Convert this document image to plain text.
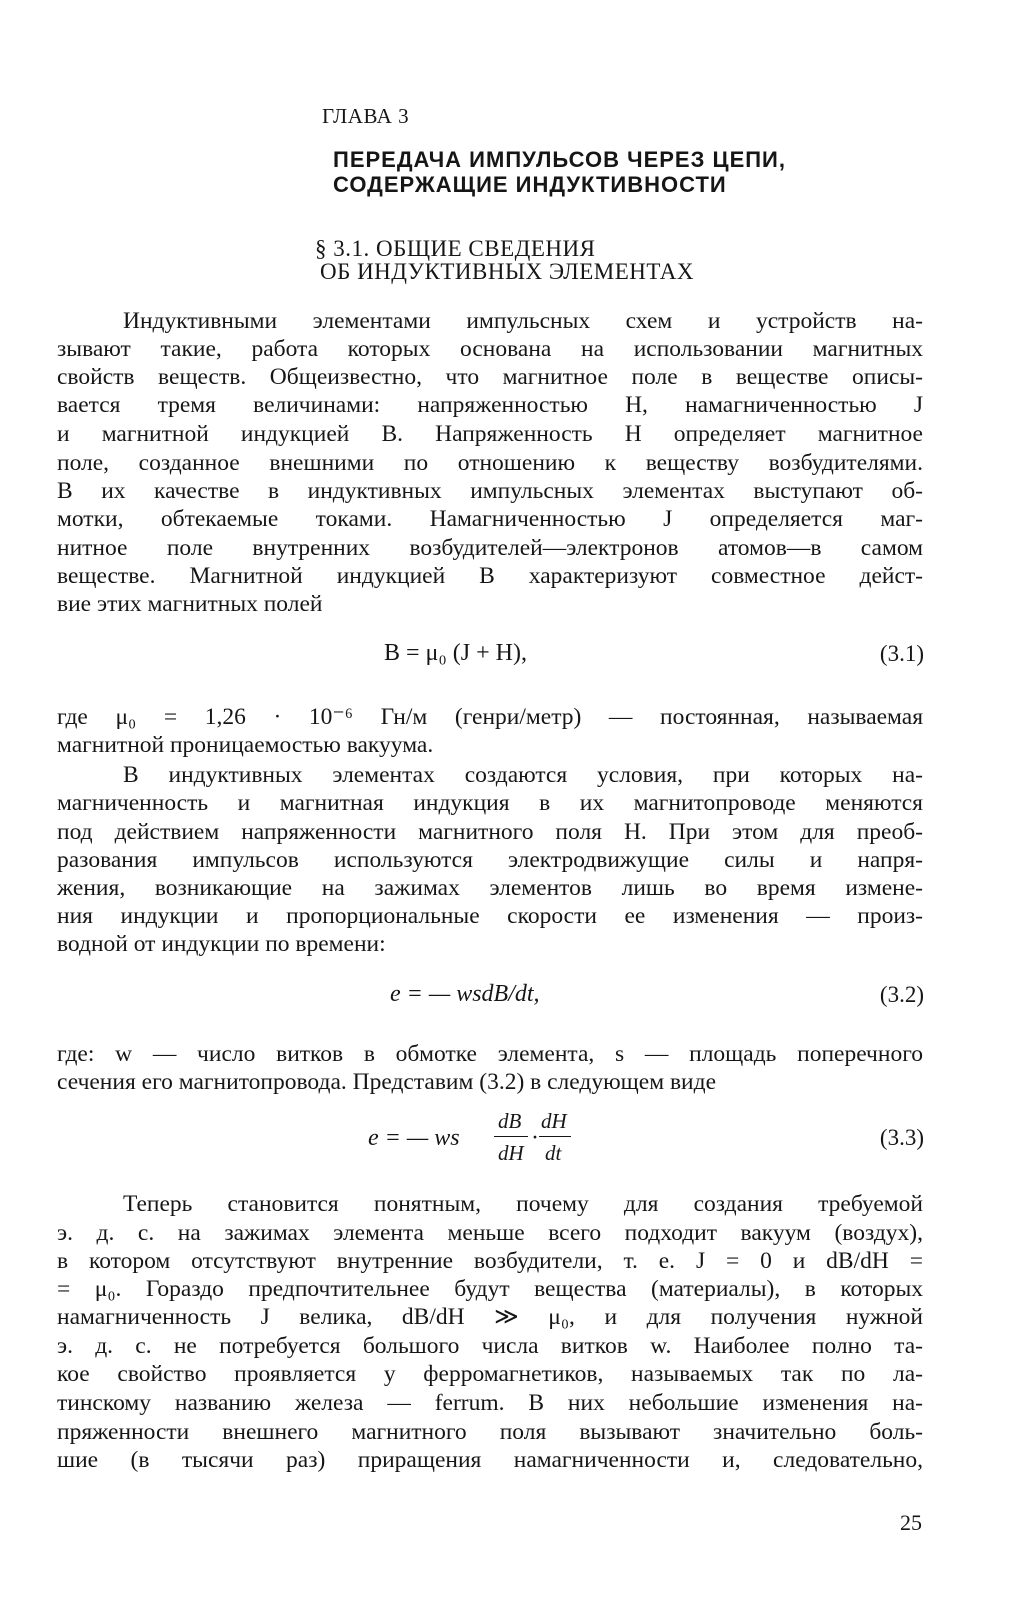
ГЛАВА 3
ПЕРЕДАЧА ИМПУЛЬСОВ ЧЕРЕЗ ЦЕПИ,
СОДЕРЖАЩИЕ ИНДУКТИВНОСТИ
§ 3.1. ОБЩИЕ СВЕДЕНИЯ
ОБ ИНДУКТИВНЫХ ЭЛЕМЕНТАХ
Индуктивными элементами импульсных схем и устройств на-
зывают такие, работа которых основана на использовании магнитных
свойств веществ. Общеизвестно, что магнитное поле в веществе описы-
вается тремя величинами: напряженностью H, намагниченностью J
и магнитной индукцией B. Напряженность H определяет магнитное
поле, созданное внешними по отношению к веществу возбудителями.
В их качестве в индуктивных импульсных элементах выступают об-
мотки, обтекаемые токами. Намагниченностью J определяется маг-
нитное поле внутренних возбудителей—электронов атомов—в самом
веществе. Магнитной индукцией B характеризуют совместное дейст-
вие этих магнитных полей
B = μ₀ (J + H),	(3.1)
где μ₀ = 1,26 · 10⁻⁶ Гн/м (генри/метр) — постоянная, называемая
магнитной проницаемостью вакуума.
В индуктивных элементах создаются условия, при которых на-
магниченность и магнитная индукция в их магнитопроводе меняются
под действием напряженности магнитного поля H. При этом для преоб-
разования импульсов используются электродвижущие силы и напря-
жения, возникающие на зажимах элементов лишь во время измене-
ния индукции и пропорциональные скорости ее изменения — произ-
водной от индукции по времени:
e = — wsdB/dt,	(3.2)
где: w — число витков в обмотке элемента, s — площадь поперечного
сечения его магнитопровода. Представим (3.2) в следующем виде
e = — ws
dB
dH
·
dH
dt
(3.3)
Теперь становится понятным, почему для создания требуемой
э. д. с. на зажимах элемента меньше всего подходит вакуум (воздух),
в котором отсутствуют внутренние возбудители, т. е. J = 0 и dB/dH =
= μ₀. Гораздо предпочтительнее будут вещества (материалы), в которых
намагниченность J велика, dB/dH ≫ μ₀, и для получения нужной
э. д. с. не потребуется большого числа витков w. Наиболее полно та-
кое свойство проявляется у ферромагнетиков, называемых так по ла-
тинскому названию железа — ferrum. В них небольшие изменения на-
пряженности внешнего магнитного поля вызывают значительно боль-
шие (в тысячи раз) приращения намагниченности и, следовательно,
25
